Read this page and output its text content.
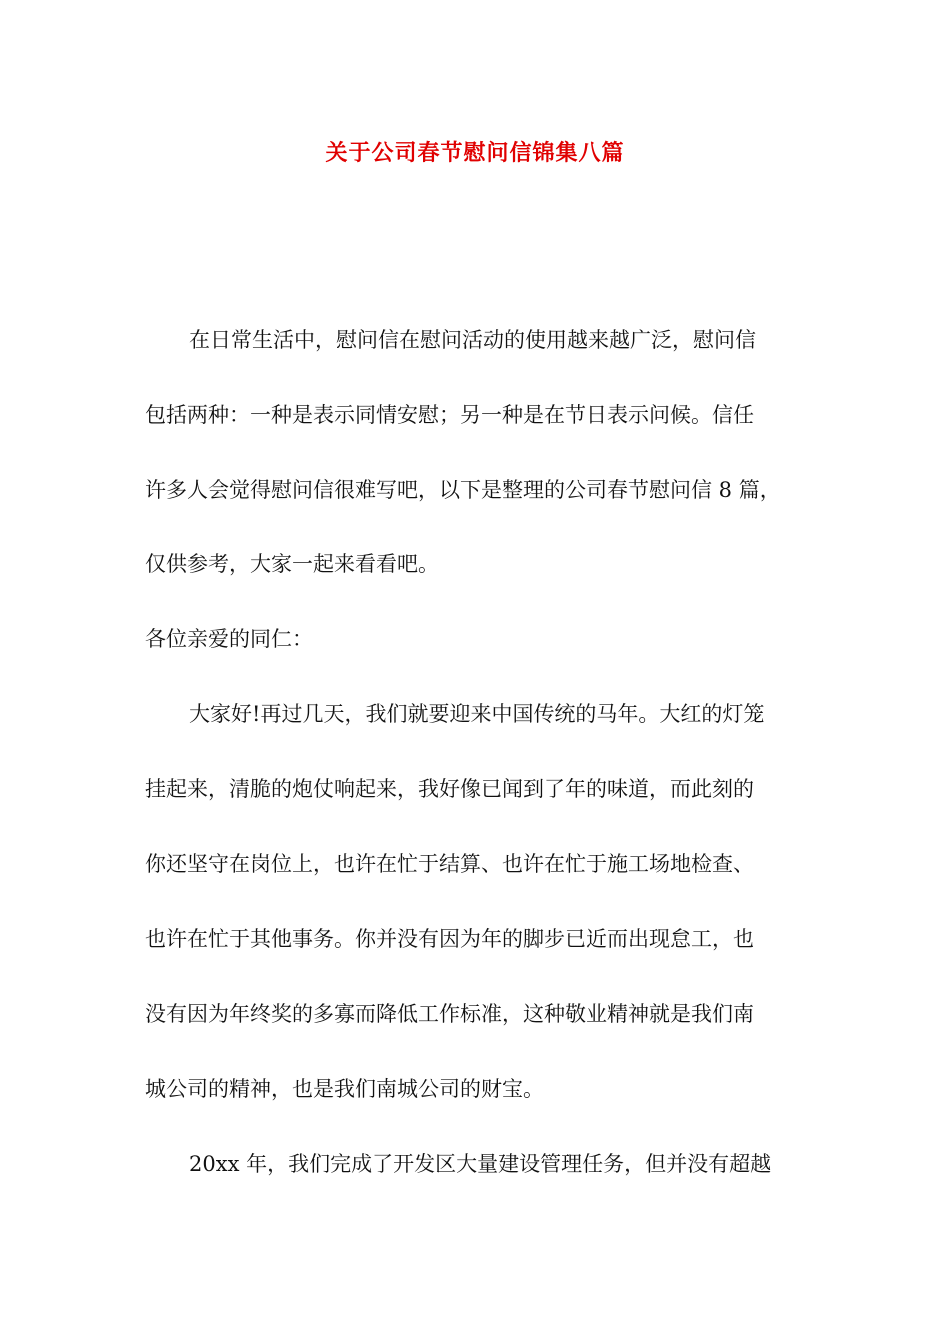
关于公司春节慰问信锦集八篇
在日常生活中，慰问信在慰问活动的使用越来越广泛，慰问信
包括两种：一种是表示同情安慰；另一种是在节日表示问候。信任
许多人会觉得慰问信很难写吧，以下是整理的公司春节慰问信 8 篇，
仅供参考，大家一起来看看吧。
各位亲爱的同仁：
大家好!再过几天，我们就要迎来中国传统的马年。大红的灯笼
挂起来，清脆的炮仗响起来，我好像已闻到了年的味道，而此刻的
你还坚守在岗位上，也许在忙于结算、也许在忙于施工场地检查、
也许在忙于其他事务。你并没有因为年的脚步已近而出现怠工，也
没有因为年终奖的多寡而降低工作标准，这种敬业精神就是我们南
城公司的精神，也是我们南城公司的财宝。
20xx 年，我们完成了开发区大量建设管理任务，但并没有超越
